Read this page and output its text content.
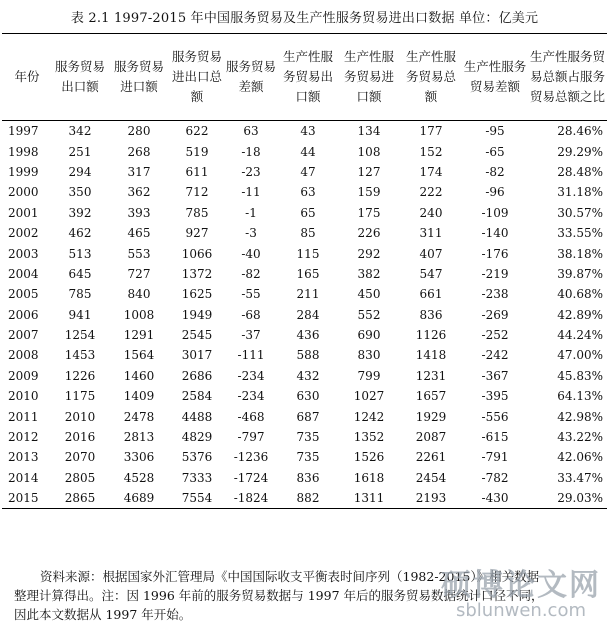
表 2.1 1997-2015 年中国服务贸易及生产性服务贸易进出口数据 单位：亿美元
年份	服务贸易出口额	服务贸易进口额	服务贸易进出口总额	服务贸易差额	生产性服务贸易出口额	生产性服务贸易进口额	生产性服务贸易总额	生产性服务贸易差额	生产性服务贸易总额占服务贸易总额之比
1997	342	280	622	63	43	134	177	-95	28.46%
1998	251	268	519	-18	44	108	152	-65	29.29%
1999	294	317	611	-23	47	127	174	-82	28.48%
2000	350	362	712	-11	63	159	222	-96	31.18%
2001	392	393	785	-1	65	175	240	-109	30.57%
2002	462	465	927	-3	85	226	311	-140	33.55%
2003	513	553	1066	-40	115	292	407	-176	38.18%
2004	645	727	1372	-82	165	382	547	-219	39.87%
2005	785	840	1625	-55	211	450	661	-238	40.68%
2006	941	1008	1949	-68	284	552	836	-269	42.89%
2007	1254	1291	2545	-37	436	690	1126	-252	44.24%
2008	1453	1564	3017	-111	588	830	1418	-242	47.00%
2009	1226	1460	2686	-234	432	799	1231	-367	45.83%
2010	1175	1409	2584	-234	630	1027	1657	-395	64.13%
2011	2010	2478	4488	-468	687	1242	1929	-556	42.98%
2012	2016	2813	4829	-797	735	1352	2087	-615	43.22%
2013	2070	3306	5376	-1236	735	1526	2261	-791	42.06%
2014	2805	4528	7333	-1724	836	1618	2454	-782	33.47%
2015	2865	4689	7554	-1824	882	1311	2193	-430	29.03%
资料来源：根据国家外汇管理局《中国国际收支平衡表时间序列（1982-2015）》相关数据
整理计算得出。注：因 1996 年前的服务贸易数据与 1997 年后的服务贸易数据统计口径不同，
因此本文数据从 1997 年开始。
硕博论文网
sblunwen.com
